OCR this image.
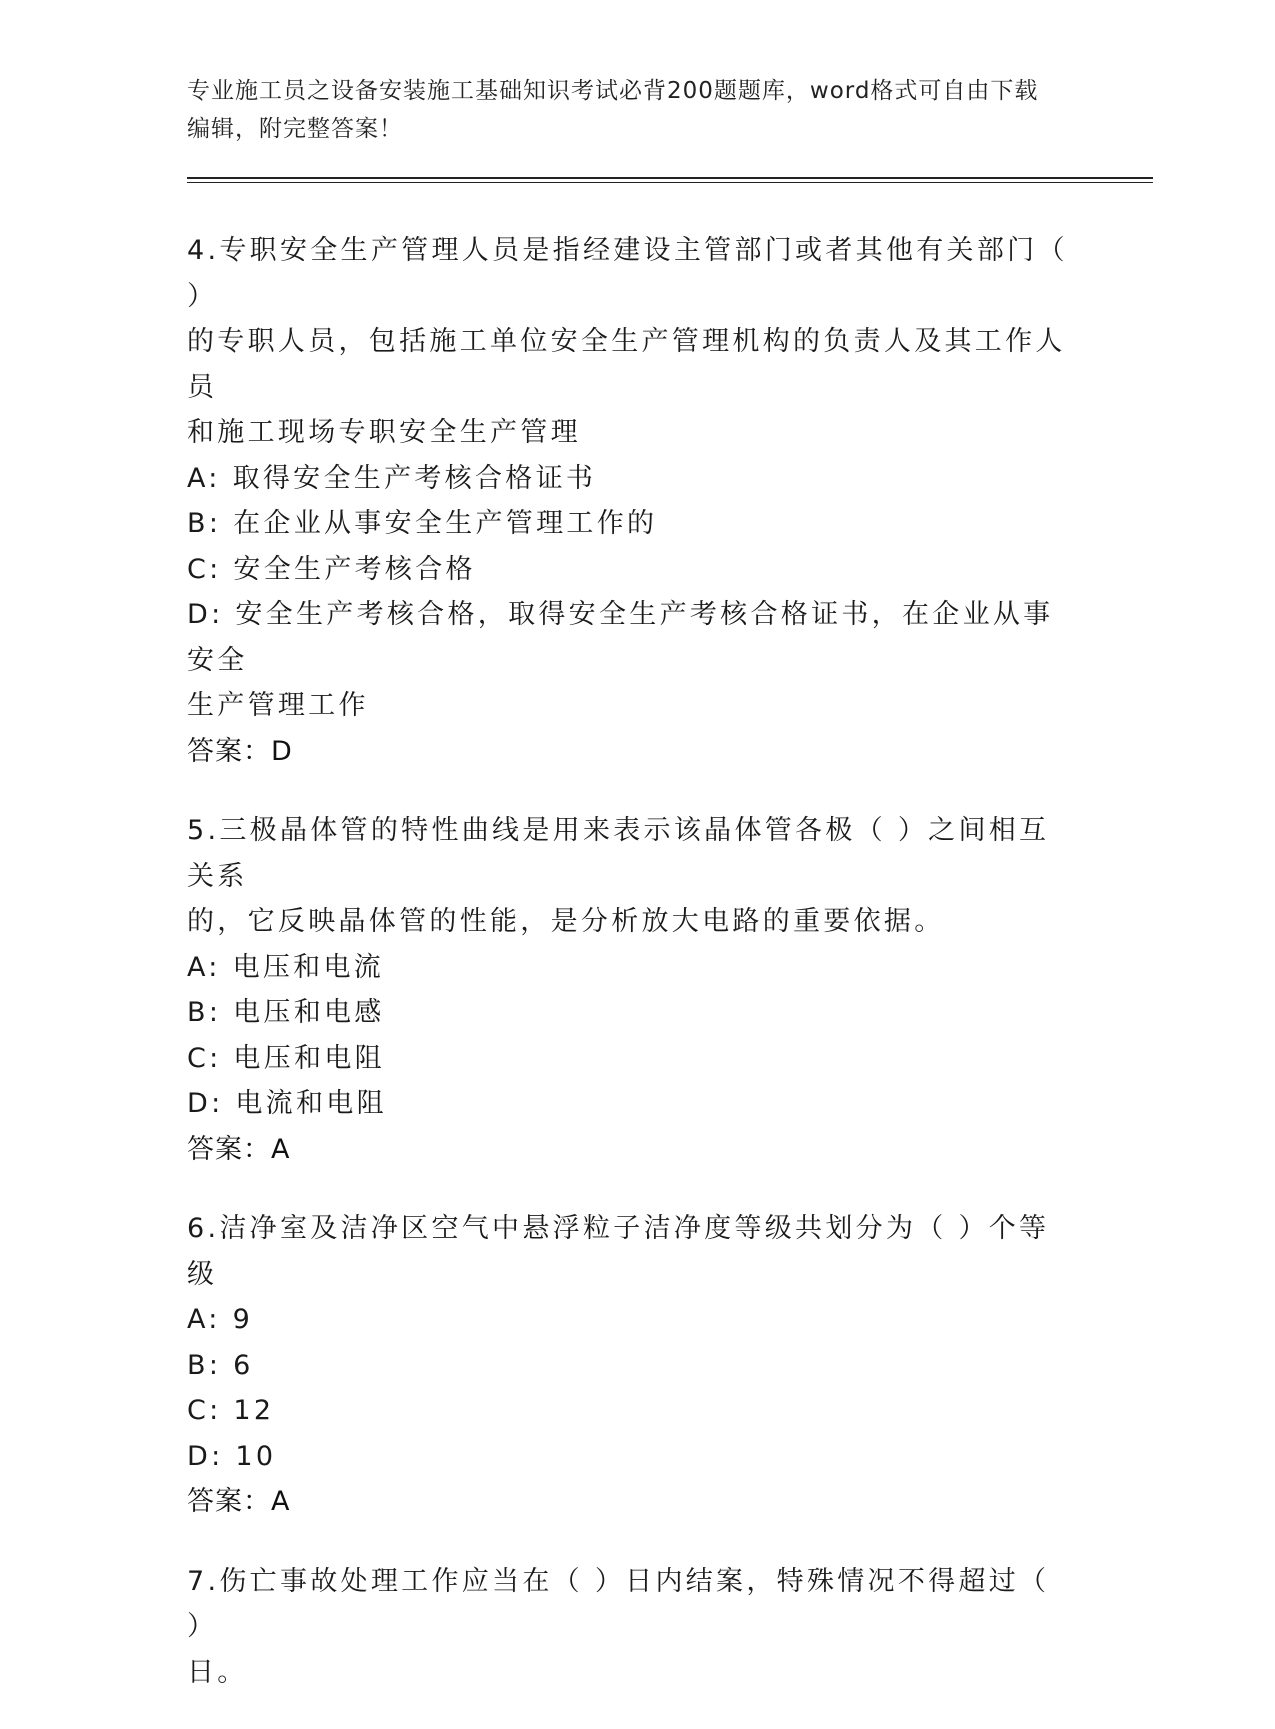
专业施工员之设备安装施工基础知识考试必背200题题库，word格式可自由下载
编辑，附完整答案！

4.专职安全生产管理人员是指经建设主管部门或者其他有关部门（ ）

的专职人员，包括施工单位安全生产管理机构的负责人及其工作人员

和施工现场专职安全生产管理

A: 取得安全生产考核合格证书

B: 在企业从事安全生产管理工作的

C: 安全生产考核合格

D: 安全生产考核合格，取得安全生产考核合格证书，在企业从事安全

生产管理工作

答案：D

5.三极晶体管的特性曲线是用来表示该晶体管各极（ ）之间相互关系

的，它反映晶体管的性能，是分析放大电路的重要依据。

A: 电压和电流

B: 电压和电感

C: 电压和电阻

D: 电流和电阻

答案：A

6.洁净室及洁净区空气中悬浮粒子洁净度等级共划分为（ ）个等级

A: 9

B: 6

C: 12

D: 10

答案：A

7.伤亡事故处理工作应当在（ ）日内结案，特殊情况不得超过（ ）

日。
